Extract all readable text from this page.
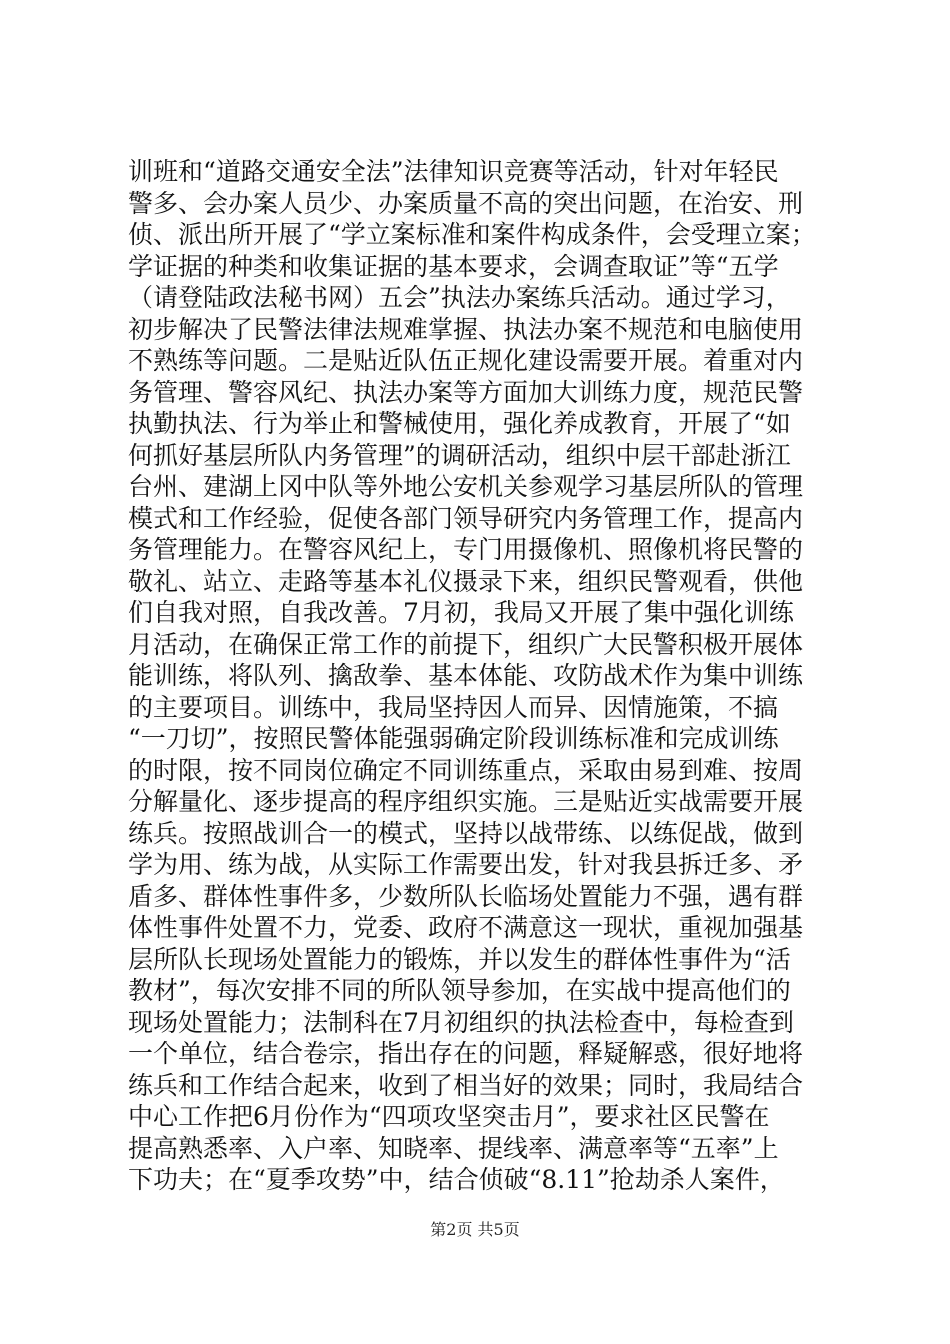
训班和“道路交通安全法”法律知识竞赛等活动，针对年轻民
警多、会办案人员少、办案质量不高的突出问题，在治安、刑
侦、派出所开展了“学立案标准和案件构成条件，会受理立案；
学证据的种类和收集证据的基本要求，会调查取证”等“五学
（请登陆政法秘书网）五会”执法办案练兵活动。通过学习，
初步解决了民警法律法规难掌握、执法办案不规范和电脑使用
不熟练等问题。二是贴近队伍正规化建设需要开展。着重对内
务管理、警容风纪、执法办案等方面加大训练力度，规范民警
执勤执法、行为举止和警械使用，强化养成教育，开展了“如
何抓好基层所队内务管理”的调研活动，组织中层干部赴浙江
台州、建湖上冈中队等外地公安机关参观学习基层所队的管理
模式和工作经验，促使各部门领导研究内务管理工作，提高内
务管理能力。在警容风纪上，专门用摄像机、照像机将民警的
敬礼、站立、走路等基本礼仪摄录下来，组织民警观看，供他
们自我对照，自我改善。7月初，我局又开展了集中强化训练
月活动，在确保正常工作的前提下，组织广大民警积极开展体
能训练，将队列、擒敌拳、基本体能、攻防战术作为集中训练
的主要项目。训练中，我局坚持因人而异、因情施策，不搞
“一刀切”，按照民警体能强弱确定阶段训练标准和完成训练
的时限，按不同岗位确定不同训练重点，采取由易到难、按周
分解量化、逐步提高的程序组织实施。三是贴近实战需要开展
练兵。按照战训合一的模式，坚持以战带练、以练促战，做到
学为用、练为战，从实际工作需要出发，针对我县拆迁多、矛
盾多、群体性事件多，少数所队长临场处置能力不强，遇有群
体性事件处置不力，党委、政府不满意这一现状，重视加强基
层所队长现场处置能力的锻炼，并以发生的群体性事件为“活
教材”，每次安排不同的所队领导参加，在实战中提高他们的
现场处置能力；法制科在7月初组织的执法检查中，每检查到
一个单位，结合卷宗，指出存在的问题，释疑解惑，很好地将
练兵和工作结合起来，收到了相当好的效果；同时，我局结合
中心工作把6月份作为“四项攻坚突击月”，要求社区民警在
提高熟悉率、入户率、知晓率、提线率、满意率等“五率”上
下功夫；在“夏季攻势”中，结合侦破“8.11”抢劫杀人案件，
第2页 共5页
